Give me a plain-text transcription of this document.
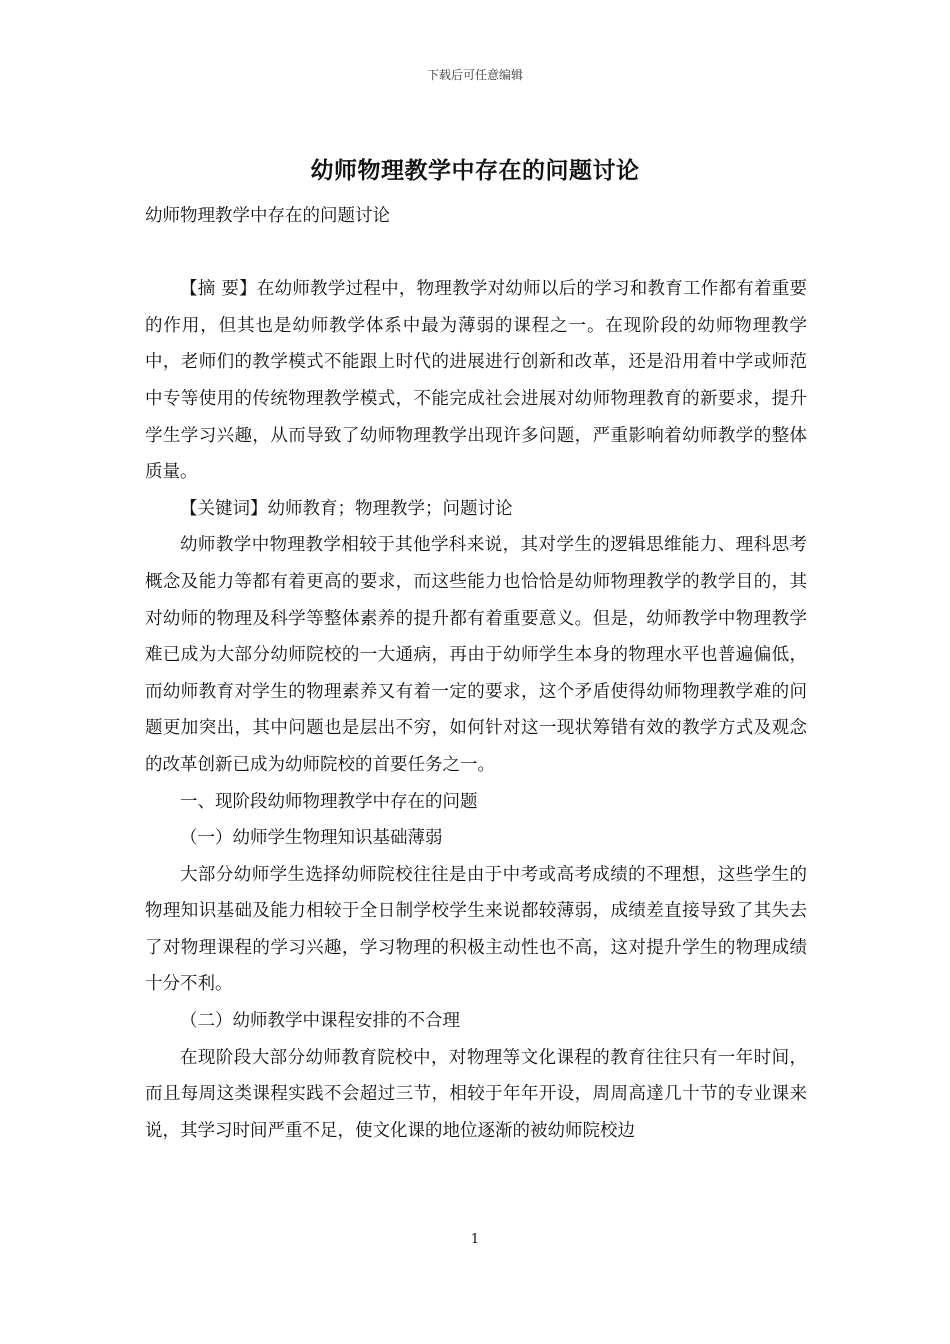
下载后可任意编辑
幼师物理教学中存在的问题讨论

幼师物理教学中存在的问题讨论

【摘 要】在幼师教学过程中，物理教学对幼师以后的学习和教育工作都有着重要的作用，但其也是幼师教学体系中最为薄弱的课程之一。在现阶段的幼师物理教学中，老师们的教学模式不能跟上时代的进展进行创新和改革，还是沿用着中学或师范中专等使用的传统物理教学模式，不能完成社会进展对幼师物理教育的新要求，提升学生学习兴趣，从而导致了幼师物理教学出现许多问题，严重影响着幼师教学的整体质量。

【关键词】幼师教育；物理教学；问题讨论

幼师教学中物理教学相较于其他学科来说，其对学生的逻辑思维能力、理科思考概念及能力等都有着更高的要求，而这些能力也恰恰是幼师物理教学的教学目的，其对幼师的物理及科学等整体素养的提升都有着重要意义。但是，幼师教学中物理教学难已成为大部分幼师院校的一大通病，再由于幼师学生本身的物理水平也普遍偏低，而幼师教育对学生的物理素养又有着一定的要求，这个矛盾使得幼师物理教学难的问题更加突出，其中问题也是层出不穷，如何针对这一现状筹错有效的教学方式及观念的改革创新已成为幼师院校的首要任务之一。

一、现阶段幼师物理教学中存在的问题

（一）幼师学生物理知识基础薄弱

大部分幼师学生选择幼师院校往往是由于中考或高考成绩的不理想，这些学生的物理知识基础及能力相较于全日制学校学生来说都较薄弱，成绩差直接导致了其失去了对物理课程的学习兴趣，学习物理的积极主动性也不高，这对提升学生的物理成绩十分不利。

（二）幼师教学中课程安排的不合理

在现阶段大部分幼师教育院校中，对物理等文化课程的教育往往只有一年时间，而且每周这类课程实践不会超过三节，相较于年年开设，周周高達几十节的专业课来说，其学习时间严重不足，使文化课的地位逐渐的被幼师院校边

1
